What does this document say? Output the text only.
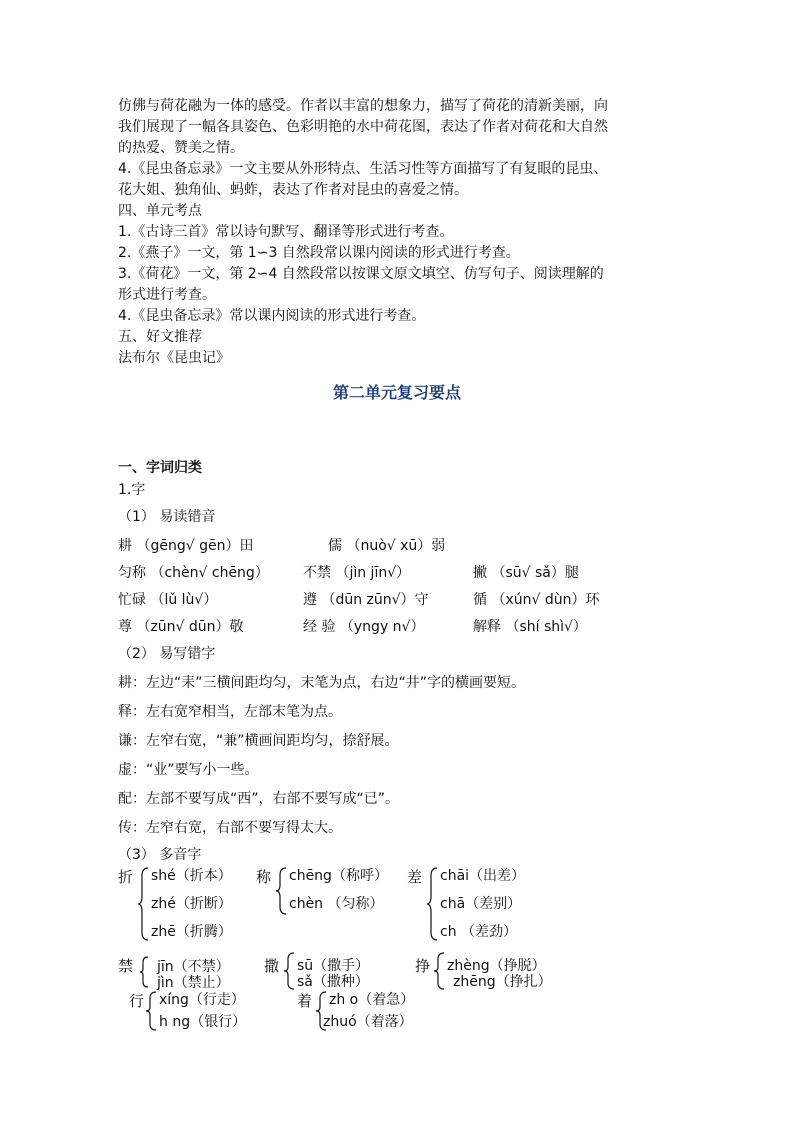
仿佛与荷花融为一体的感受。作者以丰富的想象力，描写了荷花的清新美丽，向
我们展现了一幅各具姿色、色彩明艳的水中荷花图，表达了作者对荷花和大自然
的热爱、赞美之情。
4.《昆虫备忘录》一文主要从外形特点、生活习性等方面描写了有复眼的昆虫、
花大姐、独角仙、蚂蚱，表达了作者对昆虫的喜爱之情。
四、单元考点
1.《古诗三首》常以诗句默写、翻译等形式进行考查。
2.《燕子》一文，第 1∽3 自然段常以课内阅读的形式进行考查。
3.《荷花》一文，第 2∽4 自然段常以按课文原文填空、仿写句子、阅读理解的
形式进行考查。
4.《昆虫备忘录》常以课内阅读的形式进行考查。
五、好文推荐
法布尔《昆虫记》
第二单元复习要点
一、字词归类
1.字
（1） 易读错音
耕 （gēng√ gēn）田	儒 （nuò√ xū）弱
匀称 （chèn√ chēng） 不禁 （jìn jīn√）	撇 （sū√ sǎ）腿
忙碌 （lǔ lù√）	遵 （dūn zūn√）守	循 （xún√ dùn）环
尊 （zūn√ dūn）敬	经 验 （yngy n√）	解释 （shí shì√）
（2） 易写错字
耕：左边“耒”三横间距均匀，末笔为点，右边“井”字的横画要短。
释：左右宽窄相当，左部末笔为点。
谦：左窄右宽，“兼”横画间距均匀，捺舒展。
虚：“业”要写小一些。
配：左部不要写成“西”，右部不要写成“已”。
传：左窄右宽，右部不要写得太大。
（3） 多音字
折 shé（折本）
zhé（折断）
zhē（折腾）
称 chēng（称呼）
chèn （匀称）
差 chāi（出差）
chā（差别）
ch （差劲）
禁 jīn（不禁）
jìn（禁止）
撒 sū（撒手）
sǎ（撒种）
挣 zhèng（挣脱）
zhēng（挣扎）
行 xíng（行走）
h ng（银行）
着 zh o（着急）
zhuó（着落）
